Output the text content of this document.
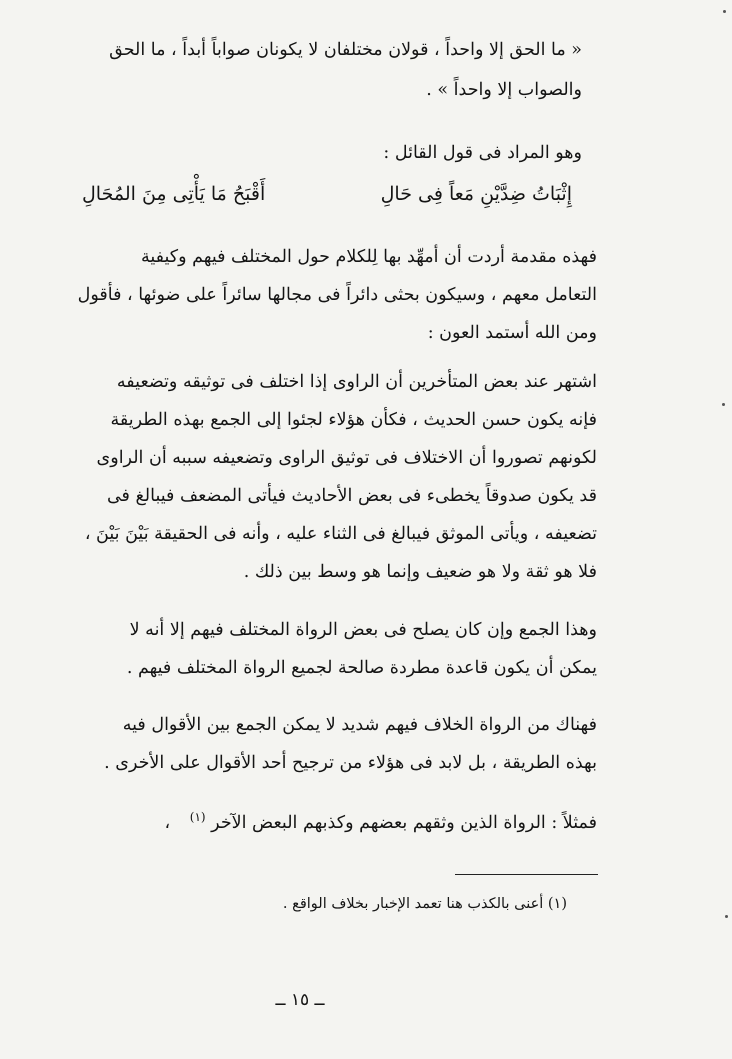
« ما الحق إلا واحداً ، قولان مختلفان لا يكونان صواباً أبداً ، ما الحق
والصواب إلا واحداً » .
وهو المراد فى قول القائل :
إِثْبَاتُ ضِدَّيْنِ مَعاً فِى حَالِ
أَقْبَحُ مَا يَأْتِى مِنَ المُحَالِ
فهذه مقدمة أردت أن أمهِّد بها لِلكلام حول المختلف فيهم وكيفية
التعامل معهم ، وسيكون بحثى دائراً فى مجالها سائراً على ضوئها ، فأقول
ومن الله أستمد العون :
اشتهر عند بعض المتأخرين أن الراوى إذا اختلف فى توثيقه وتضعيفه
فإنه يكون حسن الحديث ، فكأن هؤلاء لجئوا إلى الجمع بهذه الطريقة
لكونهم تصوروا أن الاختلاف فى توثيق الراوى وتضعيفه سببه أن الراوى
قد يكون صدوقاً يخطىء فى بعض الأحاديث فيأتى المضعف فيبالغ فى
تضعيفه ، ويأتى الموثق فيبالغ فى الثناء عليه ، وأنه فى الحقيقة بَيْنَ بَيْنَ ،
فلا هو ثقة ولا هو ضعيف وإنما هو وسط بين ذلك .
وهذا الجمع وإن كان يصلح فى بعض الرواة المختلف فيهم إلا أنه لا
يمكن أن يكون قاعدة مطردة صالحة لجميع الرواة المختلف فيهم .
فهناك من الرواة الخلاف فيهم شديد لا يمكن الجمع بين الأقوال فيه
بهذه الطريقة ، بل لابد فى هؤلاء من ترجيح أحد الأقوال على الأخرى .
فمثلاً : الرواة الذين وثقهم بعضهم وكذبهم البعض الآخر $^{(١)}$ ،
(١) أعنى بالكذب هنا تعمد الإخبار بخلاف الواقع .
ــ ١٥ ــ
